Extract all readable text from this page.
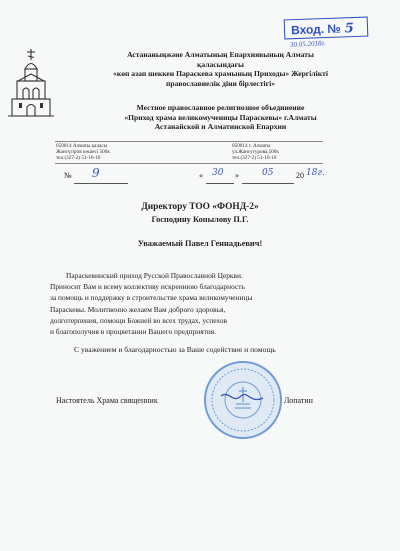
Вход. № 5
30.05.2018г.
Астананыңжәне Алматының Епархиявының Алматы
қаласындағы
«көп азап шеккен Параскева храмының Приходы» Жергілікті
православиелік діни бірлестігі»
Местное православное религиозное объединение
«Приход храма великомученицы Параскевы» г.Алматы
Астанайской и Алматинской Епархии
050014 Алматы қаласы
Жансүгіров көшесі 500к
тел.(327-2) 51-16-10
050014 г. Алматы
ул.Жансугурова,500к
тел.(327-2) 51-16-10
№ 9	« 30 »	05	20 18г.
Директору ТОО «ФОНД-2»
Господину Копылову П.Г.
Уважаемый Павел Геннадьевич!

Параскевинский приход Русской Православной Церкви.

Приносит Вам и всему коллективу искреннюю благодарность

за помощь и поддержку в строительстве храма великомученицы

Параскевы. Молитвенно желаем Вам доброго здоровья,

долготерпения, помощи Божией во всех трудах, успехов

и благополучия в процветании Вашего предприятия.

С уважением и благодарностью за Ваше содействие и помощь
Настоятель Храма священник	Лопатин
